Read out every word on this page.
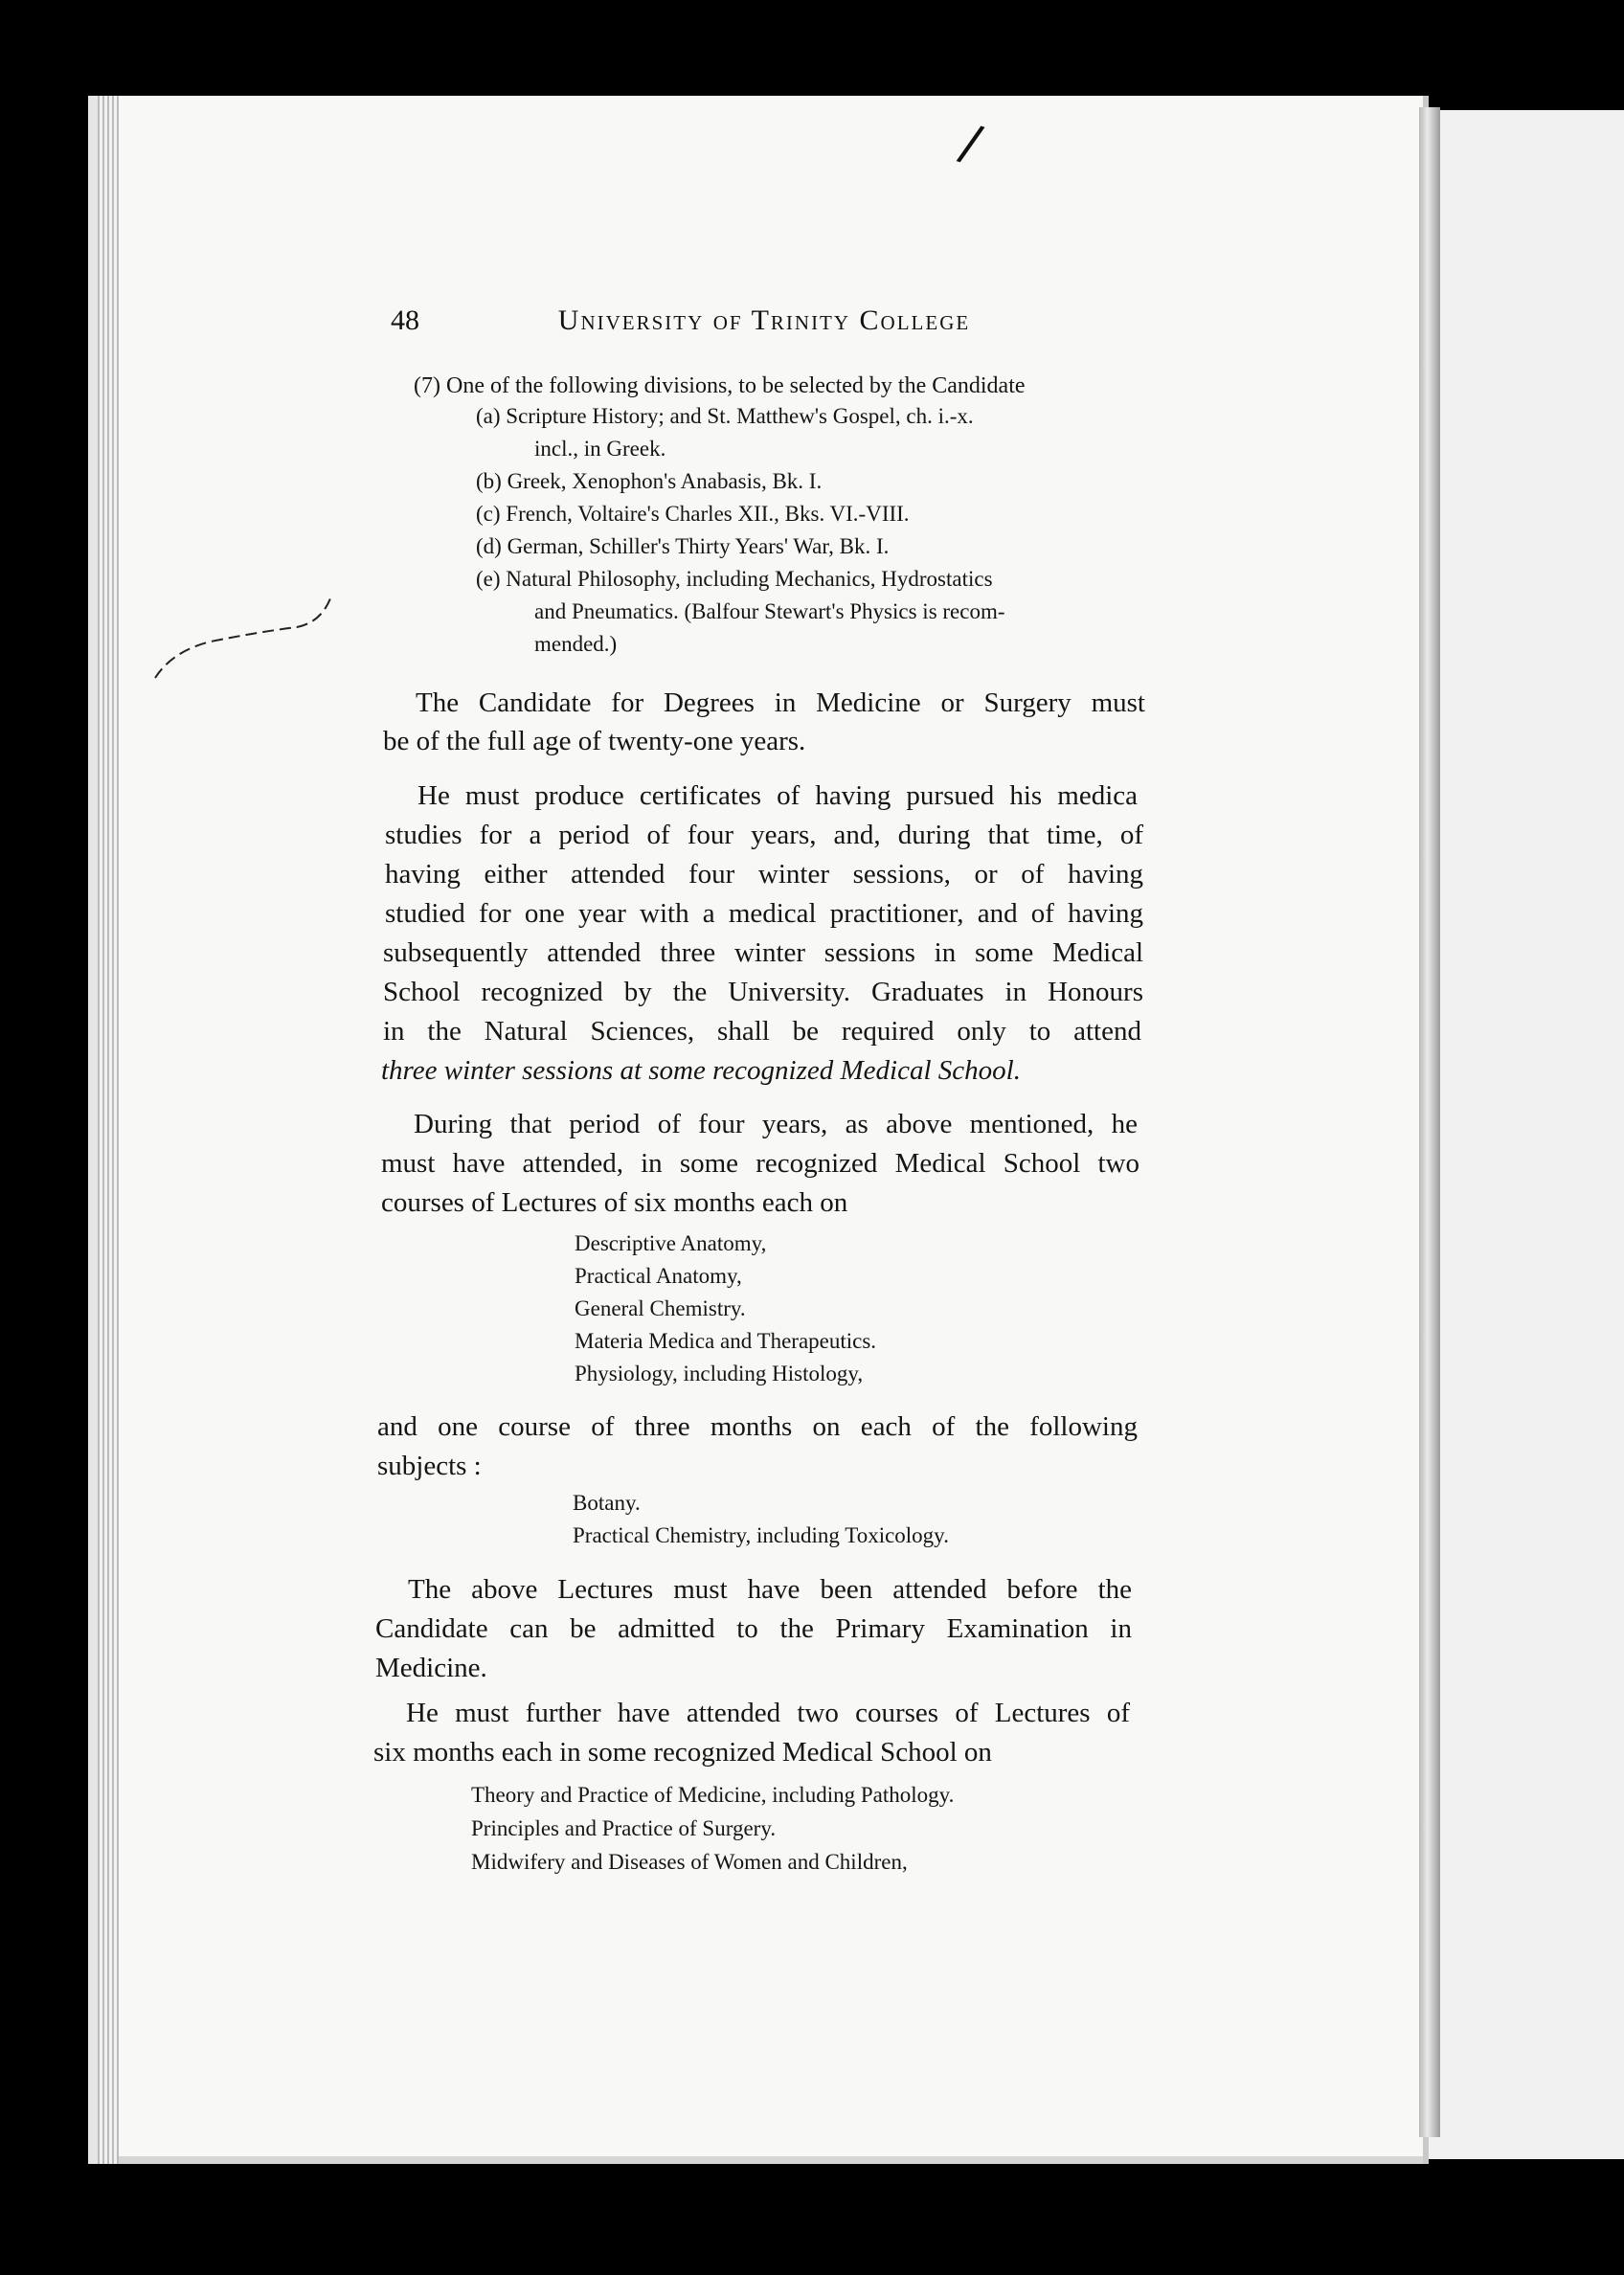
/
48	University of Trinity College
(7) One of the following divisions, to be selected by the Candidate
(a) Scripture History; and St. Matthew's Gospel, ch. i.-x.
incl., in Greek.
(b) Greek, Xenophon's Anabasis, Bk. I.
(c) French, Voltaire's Charles XII., Bks. VI.-VIII.
(d) German, Schiller's Thirty Years' War, Bk. I.
(e) Natural Philosophy, including Mechanics, Hydrostatics
and Pneumatics. (Balfour Stewart's Physics is recom-
mended.)
The Candidate for Degrees in Medicine or Surgery must
be of the full age of twenty-one years.
He must produce certificates of having pursued his medica
studies for a period of four years, and, during that time, of
having either attended four winter sessions, or of having
studied for one year with a medical practitioner, and of having
subsequently attended three winter sessions in some Medical
School recognized by the University. Graduates in Honours
in the Natural Sciences, shall be required only to attend
three winter sessions at some recognized Medical School.
During that period of four years, as above mentioned, he
must have attended, in some recognized Medical School two
courses of Lectures of six months each on
Descriptive Anatomy,
Practical Anatomy,
General Chemistry.
Materia Medica and Therapeutics.
Physiology, including Histology,
and one course of three months on each of the following
subjects :
Botany.
Practical Chemistry, including Toxicology.
The above Lectures must have been attended before the
Candidate can be admitted to the Primary Examination in
Medicine.
He must further have attended two courses of Lectures of
six months each in some recognized Medical School on
Theory and Practice of Medicine, including Pathology.
Principles and Practice of Surgery.
Midwifery and Diseases of Women and Children,
